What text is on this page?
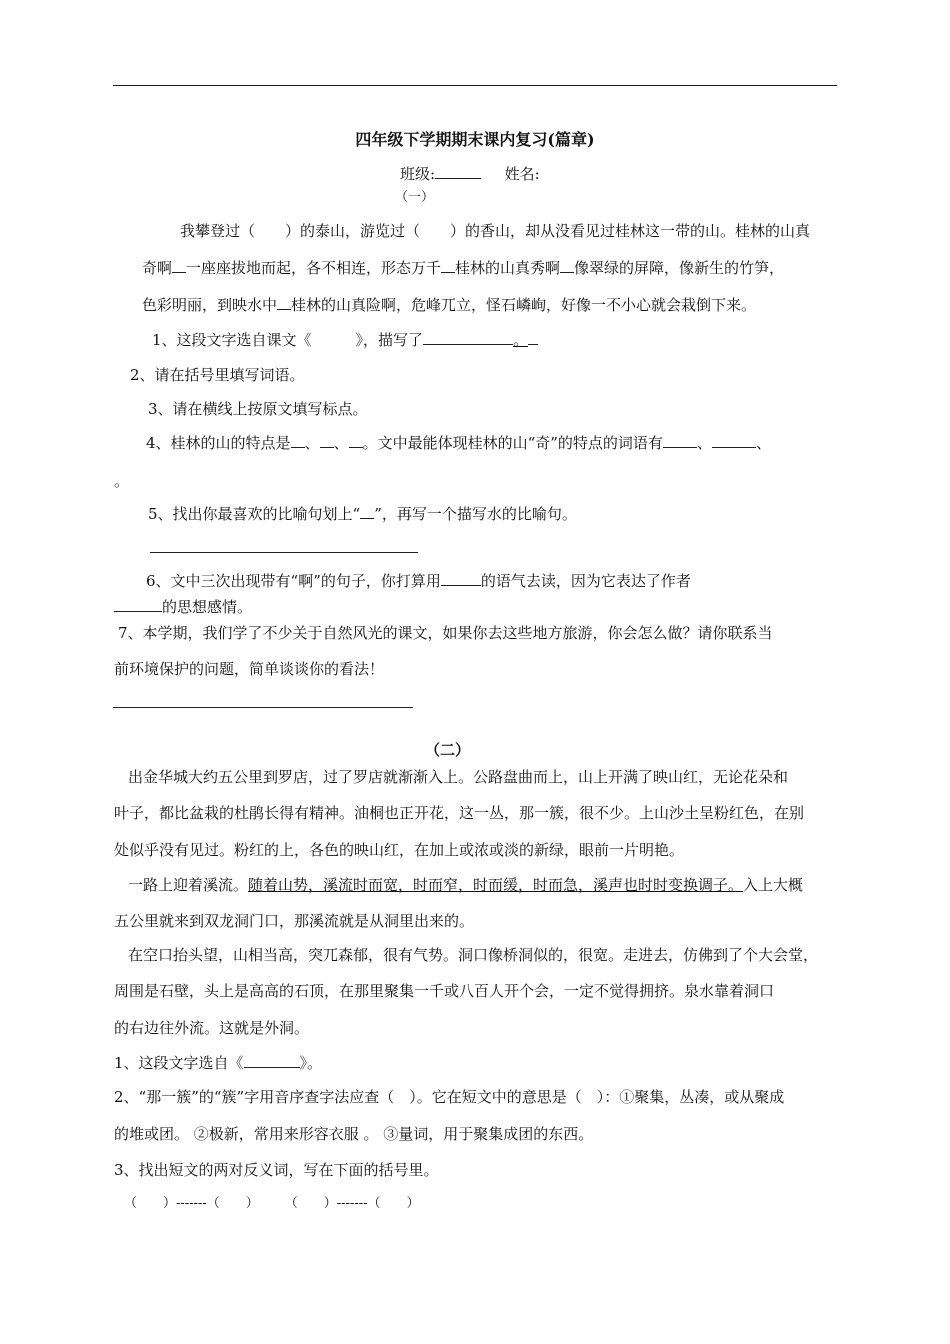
四年级下学期期末课内复习(篇章)
班级:	姓名:
（一）
我攀登过（　　）的泰山，游览过（　　）的香山，却从没看见过桂林这一带的山。桂林的山真
奇啊 一座座拔地而起，各不相连，形态万千 桂林的山真秀啊 像翠绿的屏障，像新生的竹笋，
色彩明丽，到映水中 桂林的山真险啊，危峰兀立，怪石嶙峋，好像一不小心就会栽倒下来。
1、这段文字选自课文《	》，描写了	。
2、请在括号里填写词语。
3、请在横线上按原文填写标点。
4、桂林的山的特点是 、 、 。文中最能体现桂林的山“奇”的特点的词语有 、	、
。
5、找出你最喜欢的比喻句划上“ ”，再写一个描写水的比喻句。
6、文中三次出现带有“啊”的句子，你打算用	的语气去读，因为它表达了作者
的思想感情。
7、本学期，我们学了不少关于自然风光的课文，如果你去这些地方旅游，你会怎么做？请你联系当
前环境保护的问题，简单谈谈你的看法！
（二）
出金华城大约五公里到罗店，过了罗店就渐渐入上。公路盘曲而上，山上开满了映山红，无论花朵和
叶子，都比盆栽的杜鹃长得有精神。油桐也正开花，这一丛，那一簇，很不少。上山沙土呈粉红色，在别
处似乎没有见过。粉红的上，各色的映山红，在加上或浓或淡的新绿，眼前一片明艳。
一路上迎着溪流。随着山势，溪流时而宽，时而窄，时而缓，时而急，溪声也时时变换调子。入上大概
五公里就来到双龙洞门口，那溪流就是从洞里出来的。
在空口抬头望，山相当高，突兀森郁，很有气势。洞口像桥洞似的，很宽。走进去，仿佛到了个大会堂，
周围是石壁，头上是高高的石顶，在那里聚集一千或八百人开个会，一定不觉得拥挤。泉水靠着洞口
的右边往外流。这就是外洞。
1、这段文字选自《	》。
2、“那一簇”的“簇”字用音序查字法应查（　）。它在短文中的意思是（　）：①聚集，丛凑，或从聚成
的堆或团。 ②极新，常用来形容衣服 。 ③量词，用于聚集成团的东西。
3、找出短文的两对反义词，写在下面的括号里。
（　　）-------（　　）　　　（　　）-------（　　）
